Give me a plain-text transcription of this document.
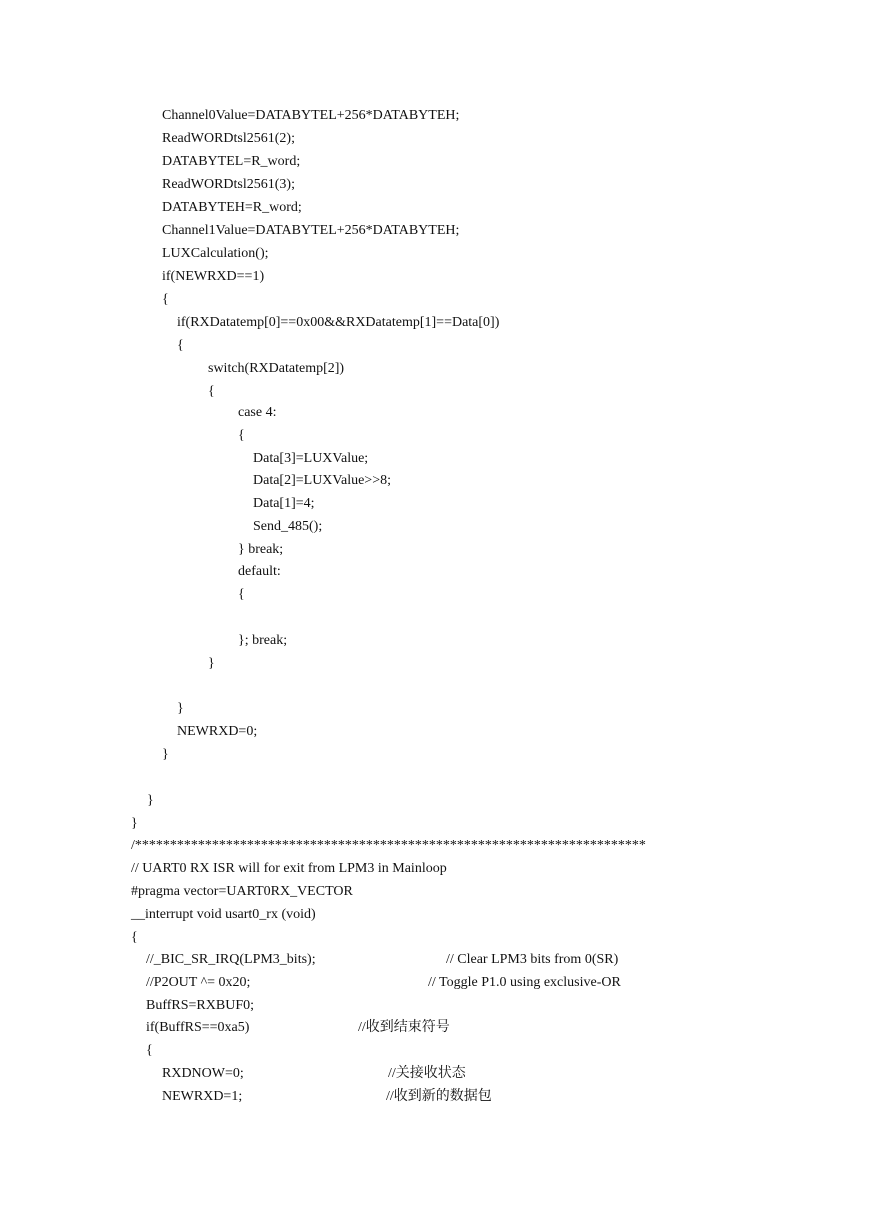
Channel0Value=DATABYTEL+256*DATABYTEH;
ReadWORDtsl2561(2);
DATABYTEL=R_word;
ReadWORDtsl2561(3);
DATABYTEH=R_word;
Channel1Value=DATABYTEL+256*DATABYTEH;
LUXCalculation();
if(NEWRXD==1)
{
if(RXDatatemp[0]==0x00&&RXDatatemp[1]==Data[0])
{
switch(RXDatatemp[2])
{
case 4:
{
Data[3]=LUXValue;
Data[2]=LUXValue>>8;
Data[1]=4;
Send_485();
} break;
default:
{
}; break;
}
}
NEWRXD=0;
}
}
}
/*************************************************************************
// UART0 RX ISR will for exit from LPM3 in Mainloop
#pragma vector=UART0RX_VECTOR
__interrupt void usart0_rx (void)
{
//_BIC_SR_IRQ(LPM3_bits);	// Clear LPM3 bits from 0(SR)
//P2OUT ^= 0x20;	// Toggle P1.0 using exclusive-OR
BuffRS=RXBUF0;
if(BuffRS==0xa5)	//收到结束符号
{
RXDNOW=0;	//关接收状态
NEWRXD=1;	//收到新的数据包
